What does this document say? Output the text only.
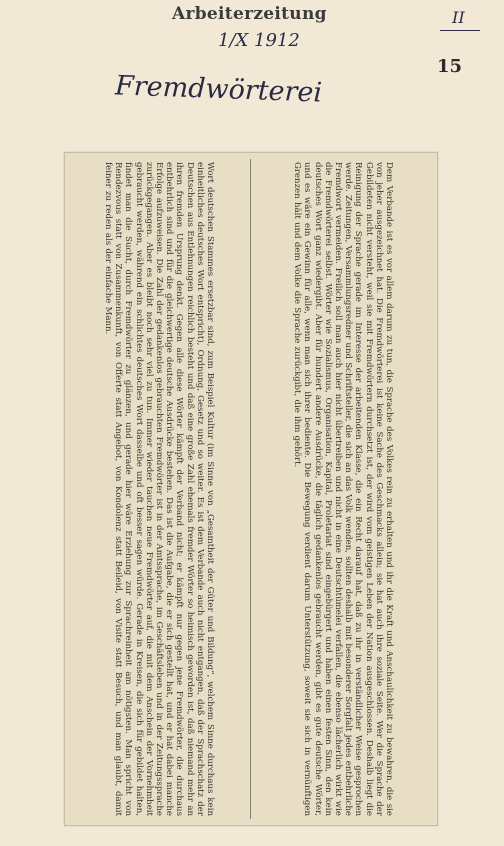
Arbeiterzeitung
1/X 1912
II
15
Fremdwörterei
Wort deutschen Stammes ersetzbar sind, zum Beispiel Kultur (im Sinne von „Gesamtheit der Güter und Bildung“, welchem Sinne durchaus kein einheitliches deutsches Wort entspricht), Ordnung, Gesetz und so weiter. Es ist dem Verbande auch nicht entgangen, daß der Sprachschatz der Deutschen aus Entlehnungen reichlich besteht und daß eine große Zahl ehemals fremder Wörter so heimisch geworden ist, daß niemand mehr an ihren fremden Ursprung denkt. Gegen alle diese Wörter kämpft der Verband nicht; er kämpft nur gegen jene Fremdwörter, die durchaus entbehrlich sind und für die gleichwertige deutsche Ausdrücke bestehen. Das ist die Aufgabe, die er sich gestellt hat, und er hat dabei manche Erfolge aufzuweisen. Die Zahl der gedankenlos gebrauchten Fremdwörter ist in der Amtssprache, im Geschäftsleben und in der Zeitungssprache zurückgegangen. Aber es bleibt noch sehr viel zu tun. Immer wieder tauchen neue Fremdwörter auf, die mit dem Anschein der Vornehmheit gebraucht werden, während ein schlichtes deutsches Wort dasselbe und oft besser sagen würde. Gerade in Kreisen, die sich für gebildet halten, findet man die Sucht, durch Fremdwörter zu glänzen, und gerade hier wäre Erziehung zur Sprachreinheit am nötigsten. Man spricht von Rendezvous statt von Zusammenkunft, von Offerte statt Angebot, von Kondolenz statt Beileid, von Visite statt Besuch, und man glaubt, damit feiner zu reden als der einfache Mann.	Dem Verbande ist es vor allem darum zu tun, die Sprache des Volkes rein zu erhalten und ihr die Kraft und Anschaulichkeit zu bewahren, die sie von jeher ausgezeichnet hat. Die Fremdwörterei ist keine Sache des Geschmacks allein; sie hat auch ihre soziale Seite. Wer die Sprache der Gebildeten nicht versteht, weil sie mit Fremdwörtern durchsetzt ist, der wird vom geistigen Leben der Nation ausgeschlossen. Deshalb liegt die Reinigung der Sprache gerade im Interesse der arbeitenden Klasse, die ein Recht darauf hat, daß zu ihr in verständlicher Weise gesprochen werde. Zeitungen, Versammlungsredner und Schriftsteller, die sich an das Volk wenden, sollten deshalb mit besonderer Sorgfalt jedes entbehrliche Fremdwort vermeiden. Freilich soll man auch hier nicht übertreiben und nicht in eine Deutschtümelei verfallen, die ebenso lächerlich wirkt wie die Fremdwörterei selbst. Wörter wie Sozialismus, Organisation, Kapital, Proletariat sind eingebürgert und haben einen festen Sinn, den kein deutsches Wort ganz wiedergibt. Aber für hundert andere Ausdrücke, die täglich gedankenlos gebraucht werden, gibt es gute deutsche Wörter, und es wäre ein Gewinn für alle, wenn man sich ihrer bediente. Die Bewegung verdient darum Unterstützung, soweit sie sich in vernünftigen Grenzen hält und dem Volke die Sprache zurückgibt, die ihm gehört.
